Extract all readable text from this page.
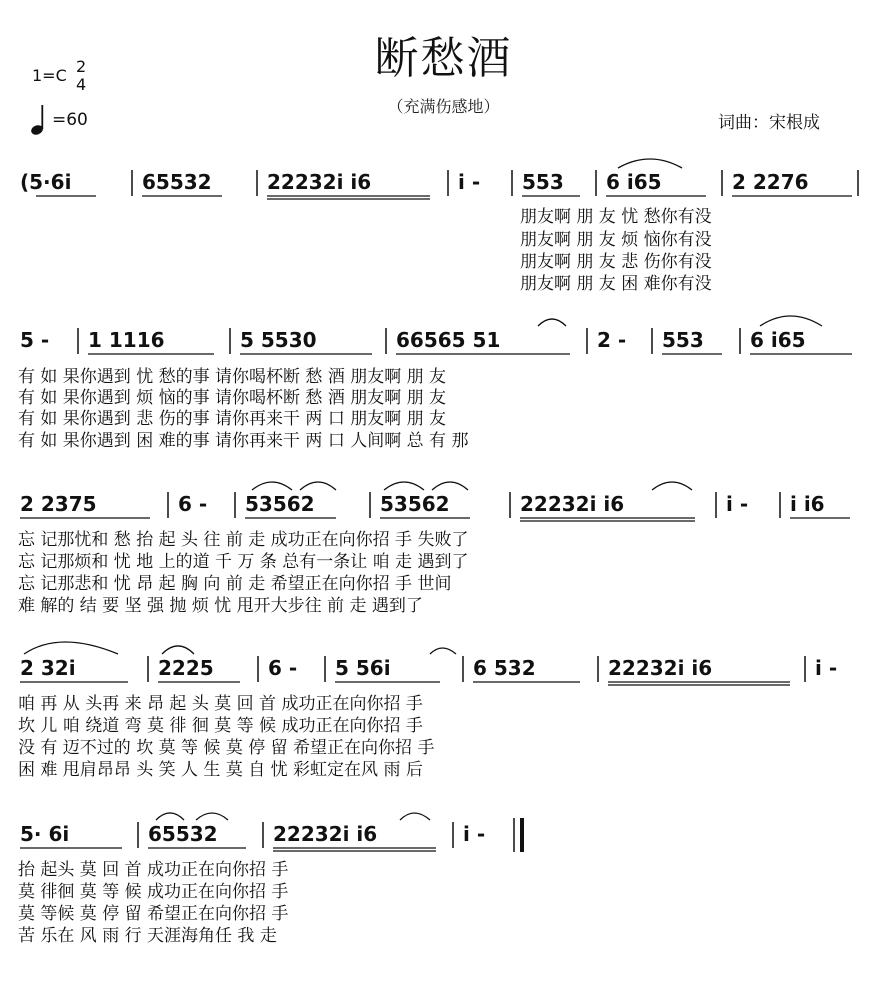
断愁酒
（充满伤感地）
词曲：宋根成
1=C 2
4
=60
(5·6i	65532	22232i i6	i - 553 6 i65	2 2276
朋友啊 朋 友 忧 愁你有没
朋友啊 朋 友 烦 恼你有没
朋友啊 朋 友 悲 伤你有没
朋友啊 朋 友 困 难你有没
5 - 1 1116	5 5530	66565 51	2 - 553 6 i65
有 如 果你遇到 忧 愁的事 请你喝杯断 愁 酒 朋友啊 朋 友
有 如 果你遇到 烦 恼的事 请你喝杯断 愁 酒 朋友啊 朋 友
有 如 果你遇到 悲 伤的事 请你再来干 两 口 朋友啊 朋 友
有 如 果你遇到 困 难的事 请你再来干 两 口 人间啊 总 有 那
2 2375	6 - 53562	53562	22232i i6	i - i i6
忘 记那忧和 愁 抬 起 头 往 前 走 成功正在向你招 手 失败了
忘 记那烦和 忧 地 上的道 千 万 条 总有一条让 咱 走 遇到了
忘 记那悲和 忧 昂 起 胸 向 前 走 希望正在向你招 手 世间
难 解的 结 要 坚 强 抛 烦 忧 甩开大步往 前 走 遇到了
2 32i	2225	6 - 5 56i	6 532	22232i i6	i -
咱 再 从 头再 来 昂 起 头 莫 回 首 成功正在向你招 手
坎 儿 咱 绕道 弯 莫 徘 徊 莫 等 候 成功正在向你招 手
没 有 迈不过的 坎 莫 等 候 莫 停 留 希望正在向你招 手
困 难 甩肩昂昂 头 笑 人 生 莫 自 忧 彩虹定在风 雨 后
5· 6i	65532	22232i i6	i -
抬 起头 莫 回 首 成功正在向你招 手
莫 徘徊 莫 等 候 成功正在向你招 手
莫 等候 莫 停 留 希望正在向你招 手
苦 乐在 风 雨 行 天涯海角任 我 走
